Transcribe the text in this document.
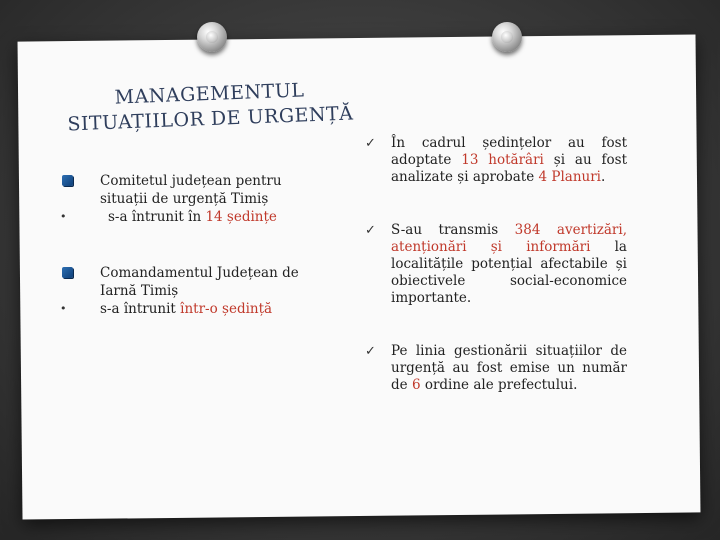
MANAGEMENTUL
SITUAȚIILOR DE URGENȚĂ
Comitetul județean pentru
situații de urgență Timiș
•	s-a întrunit în 14 ședințe
Comandamentul Județean de
Iarnă Timiș
• s-a întrunit într-o ședință
✓ În cadrul ședințelor au fost adoptate 13 hotărâri și au fost analizate și aprobate 4 Planuri.
✓ S-au transmis 384 avertizări, atenționări și informări la localitățile potențial afectabile și obiectivele social-economice importante.
✓ Pe linia gestionării situațiilor de urgență au fost emise un număr de 6 ordine ale prefectului.
